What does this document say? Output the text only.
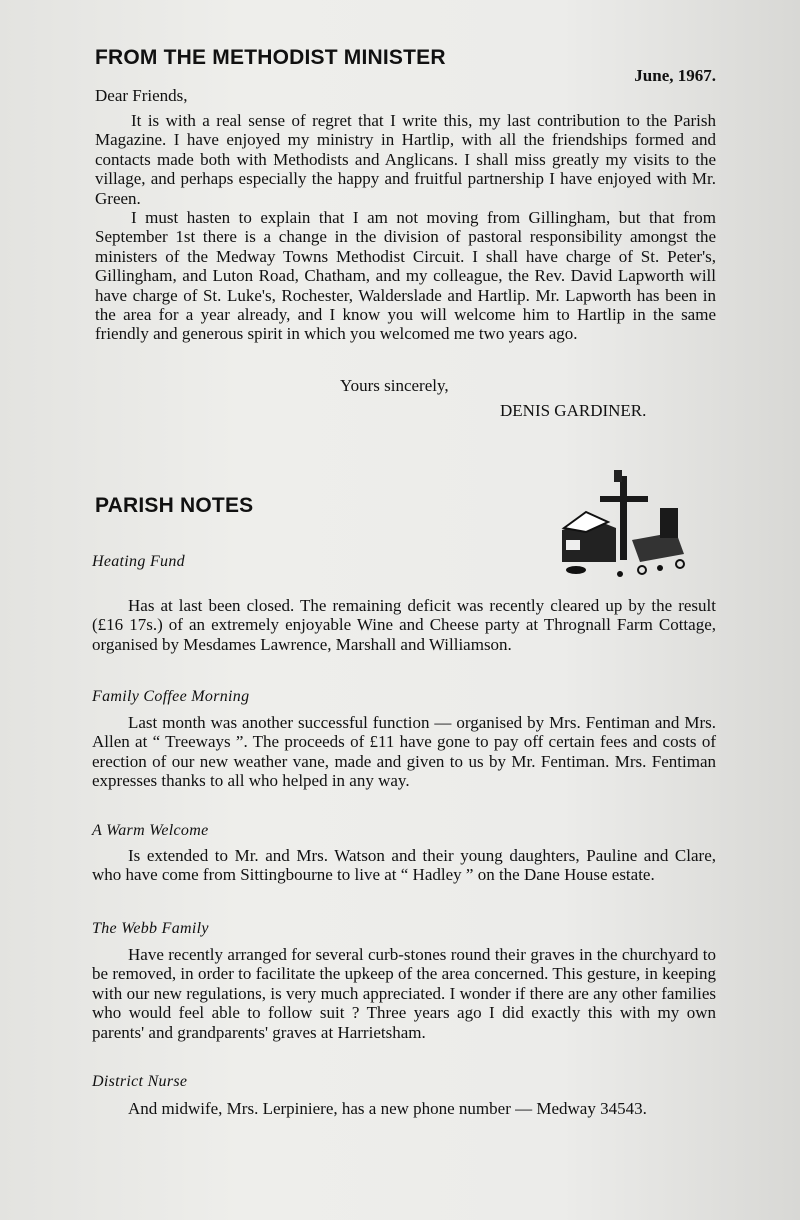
FROM THE METHODIST MINISTER
June, 1967.
Dear Friends,

It is with a real sense of regret that I write this, my last contribution to the Parish Magazine. I have enjoyed my ministry in Hartlip, with all the friendships formed and contacts made both with Methodists and Anglicans. I shall miss greatly my visits to the village, and perhaps especially the happy and fruitful partnership I have enjoyed with Mr. Green.

I must hasten to explain that I am not moving from Gillingham, but that from September 1st there is a change in the division of pastoral responsibility amongst the ministers of the Medway Towns Methodist Circuit. I shall have charge of St. Peter's, Gillingham, and Luton Road, Chatham, and my colleague, the Rev. David Lapworth will have charge of St. Luke's, Rochester, Walderslade and Hartlip. Mr. Lapworth has been in the area for a year already, and I know you will welcome him to Hartlip in the same friendly and generous spirit in which you welcomed me two years ago.

Yours sincerely,
DENIS GARDINER.
PARISH NOTES
Heating Fund

Has at last been closed. The remaining deficit was recently cleared up by the result (£16 17s.) of an extremely enjoyable Wine and Cheese party at Thrognall Farm Cottage, organised by Mesdames Lawrence, Marshall and Williamson.

Family Coffee Morning

Last month was another successful function — organised by Mrs. Fentiman and Mrs. Allen at “ Treeways ”. The proceeds of £11 have gone to pay off certain fees and costs of erection of our new weather vane, made and given to us by Mr. Fentiman. Mrs. Fentiman expresses thanks to all who helped in any way.

A Warm Welcome

Is extended to Mr. and Mrs. Watson and their young daughters, Pauline and Clare, who have come from Sittingbourne to live at “ Hadley ” on the Dane House estate.

The Webb Family

Have recently arranged for several curb-stones round their graves in the churchyard to be removed, in order to facilitate the upkeep of the area concerned. This gesture, in keeping with our new regulations, is very much appreciated. I wonder if there are any other families who would feel able to follow suit ? Three years ago I did exactly this with my own parents' and grandparents' graves at Harrietsham.

District Nurse

And midwife, Mrs. Lerpiniere, has a new phone number — Medway 34543.
